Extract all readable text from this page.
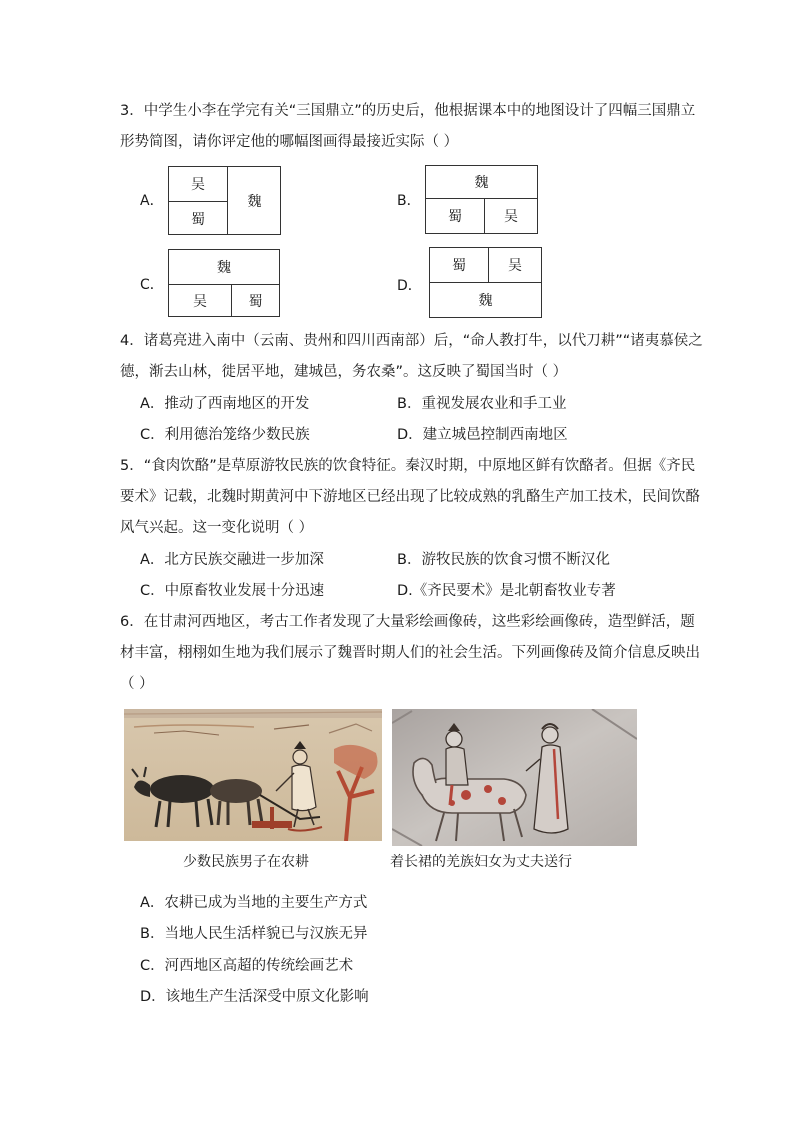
3．中学生小李在学完有关“三国鼎立”的历史后，他根据课本中的地图设计了四幅三国鼎立
形势简图，请你评定他的哪幅图画得最接近实际（ ）
A．
吴
蜀
魏	B．
魏
蜀	吴
C．
魏
吴	蜀
D．
蜀	吴
魏
4．诸葛亮进入南中（云南、贵州和四川西南部）后，“命人教打牛，以代刀耕”“诸夷慕侯之
德，渐去山林，徙居平地，建城邑，务农桑”。这反映了蜀国当时（ ）
A．推动了西南地区的开发	B．重视发展农业和手工业
C．利用德治笼络少数民族	D．建立城邑控制西南地区
5．“食肉饮酪”是草原游牧民族的饮食特征。秦汉时期，中原地区鲜有饮酪者。但据《齐民
要术》记载，北魏时期黄河中下游地区已经出现了比较成熟的乳酪生产加工技术，民间饮酪
风气兴起。这一变化说明（ ）
A．北方民族交融进一步加深	B．游牧民族的饮食习惯不断汉化
C．中原畜牧业发展十分迅速	D.《齐民要术》是北朝畜牧业专著
6．在甘肃河西地区，考古工作者发现了大量彩绘画像砖，这些彩绘画像砖，造型鲜活，题
材丰富，栩栩如生地为我们展示了魏晋时期人们的社会生活。下列画像砖及简介信息反映出
（ ）
少数民族男子在农耕	着长裙的羌族妇女为丈夫送行
A．农耕已成为当地的主要生产方式
B．当地人民生活样貌已与汉族无异
C．河西地区高超的传统绘画艺术
D．该地生产生活深受中原文化影响
